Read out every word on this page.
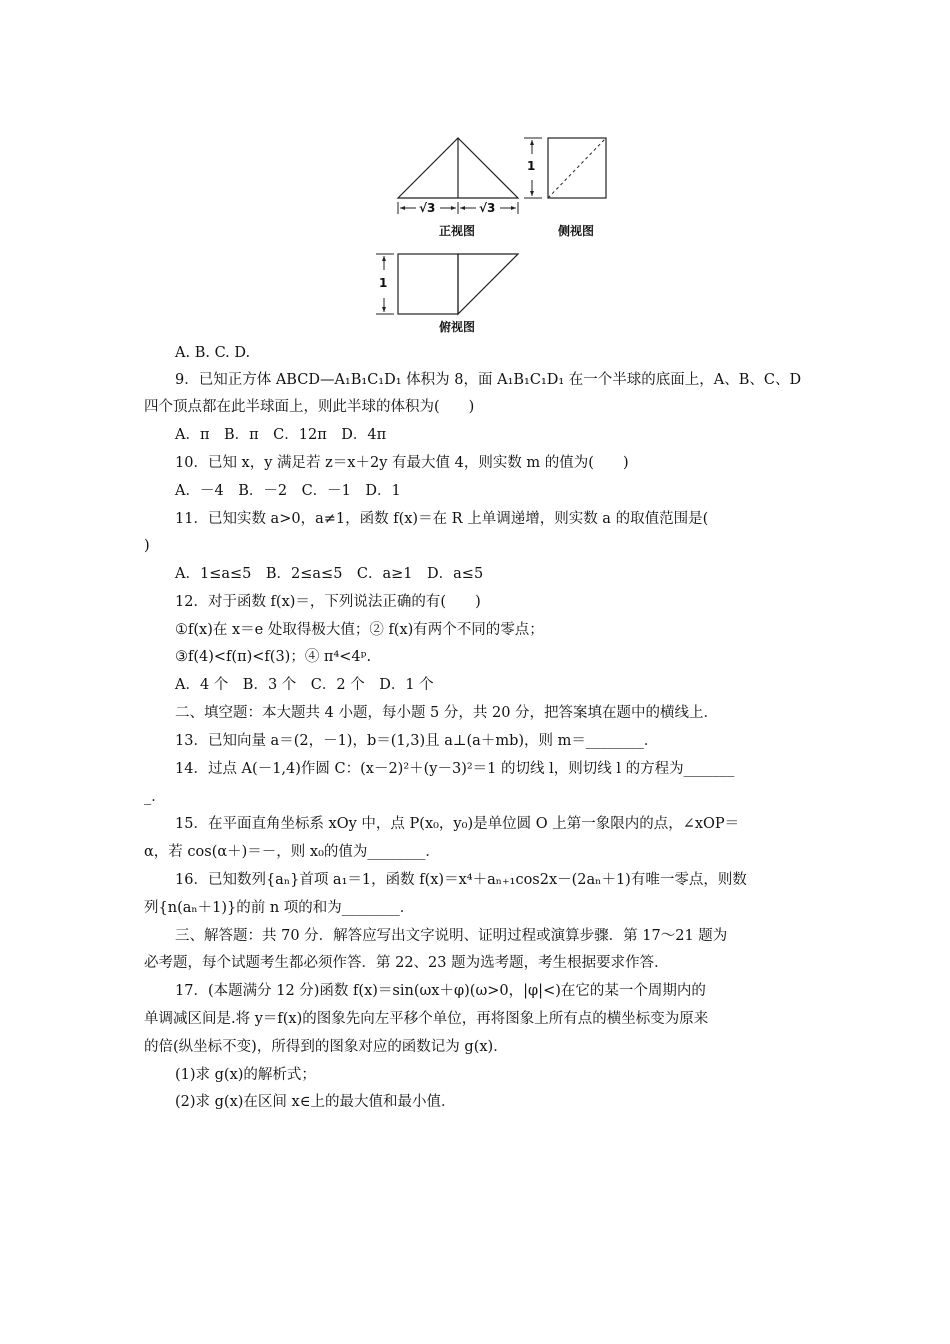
1
1
√3	√3
正视图	侧视图
俯视图
A. B. C. D.
9．已知正方体 ABCD—A₁B₁C₁D₁ 体积为 8，面 A₁B₁C₁D₁ 在一个半球的底面上，A、B、C、D
四个顶点都在此半球面上，则此半球的体积为(　　)
A．π　B．π　C．12π　D．4π
10．已知 x，y 满足若 z＝x＋2y 有最大值 4，则实数 m 的值为(　　)
A．－4　B．－2　C．－1　D．1
11．已知实数 a>0，a≠1，函数 f(x)＝在 R 上单调递增，则实数 a 的取值范围是(
)
A．1≤a≤5　B．2≤a≤5　C．a≥1　D．a≤5
12．对于函数 f(x)＝，下列说法正确的有(　　)
①f(x)在 x＝e 处取得极大值；② f(x)有两个不同的零点；
③f(4)<f(π)<f(3)；④ π⁴<4ᵖ.
A．4 个　B．3 个　C．2 个　D．1 个
二、填空题：本大题共 4 小题，每小题 5 分，共 20 分，把答案填在题中的横线上．
13．已知向量 a＝(2，－1)，b＝(1,3)且 a⊥(a＋mb)，则 m＝________．
14．过点 A(－1,4)作圆 C：(x－2)²＋(y－3)²＝1 的切线 l，则切线 l 的方程为_______
_．
15．在平面直角坐标系 xOy 中，点 P(x₀，y₀)是单位圆 O 上第一象限内的点，∠xOP＝
α，若 cos(α＋)＝－，则 x₀的值为________．
16．已知数列{aₙ}首项 a₁＝1，函数 f(x)＝x⁴＋aₙ₊₁cos2x－(2aₙ＋1)有唯一零点，则数
列{n(aₙ＋1)}的前 n 项的和为________．
三、解答题：共 70 分．解答应写出文字说明、证明过程或演算步骤．第 17～21 题为
必考题，每个试题考生都必须作答．第 22、23 题为选考题，考生根据要求作答．
17．(本题满分 12 分)函数 f(x)＝sin(ωx＋φ)(ω>0，|φ|<)在它的某一个周期内的
单调减区间是.将 y＝f(x)的图象先向左平移个单位，再将图象上所有点的横坐标变为原来
的倍(纵坐标不变)，所得到的图象对应的函数记为 g(x)．
(1)求 g(x)的解析式；
(2)求 g(x)在区间 x∈上的最大值和最小值．
